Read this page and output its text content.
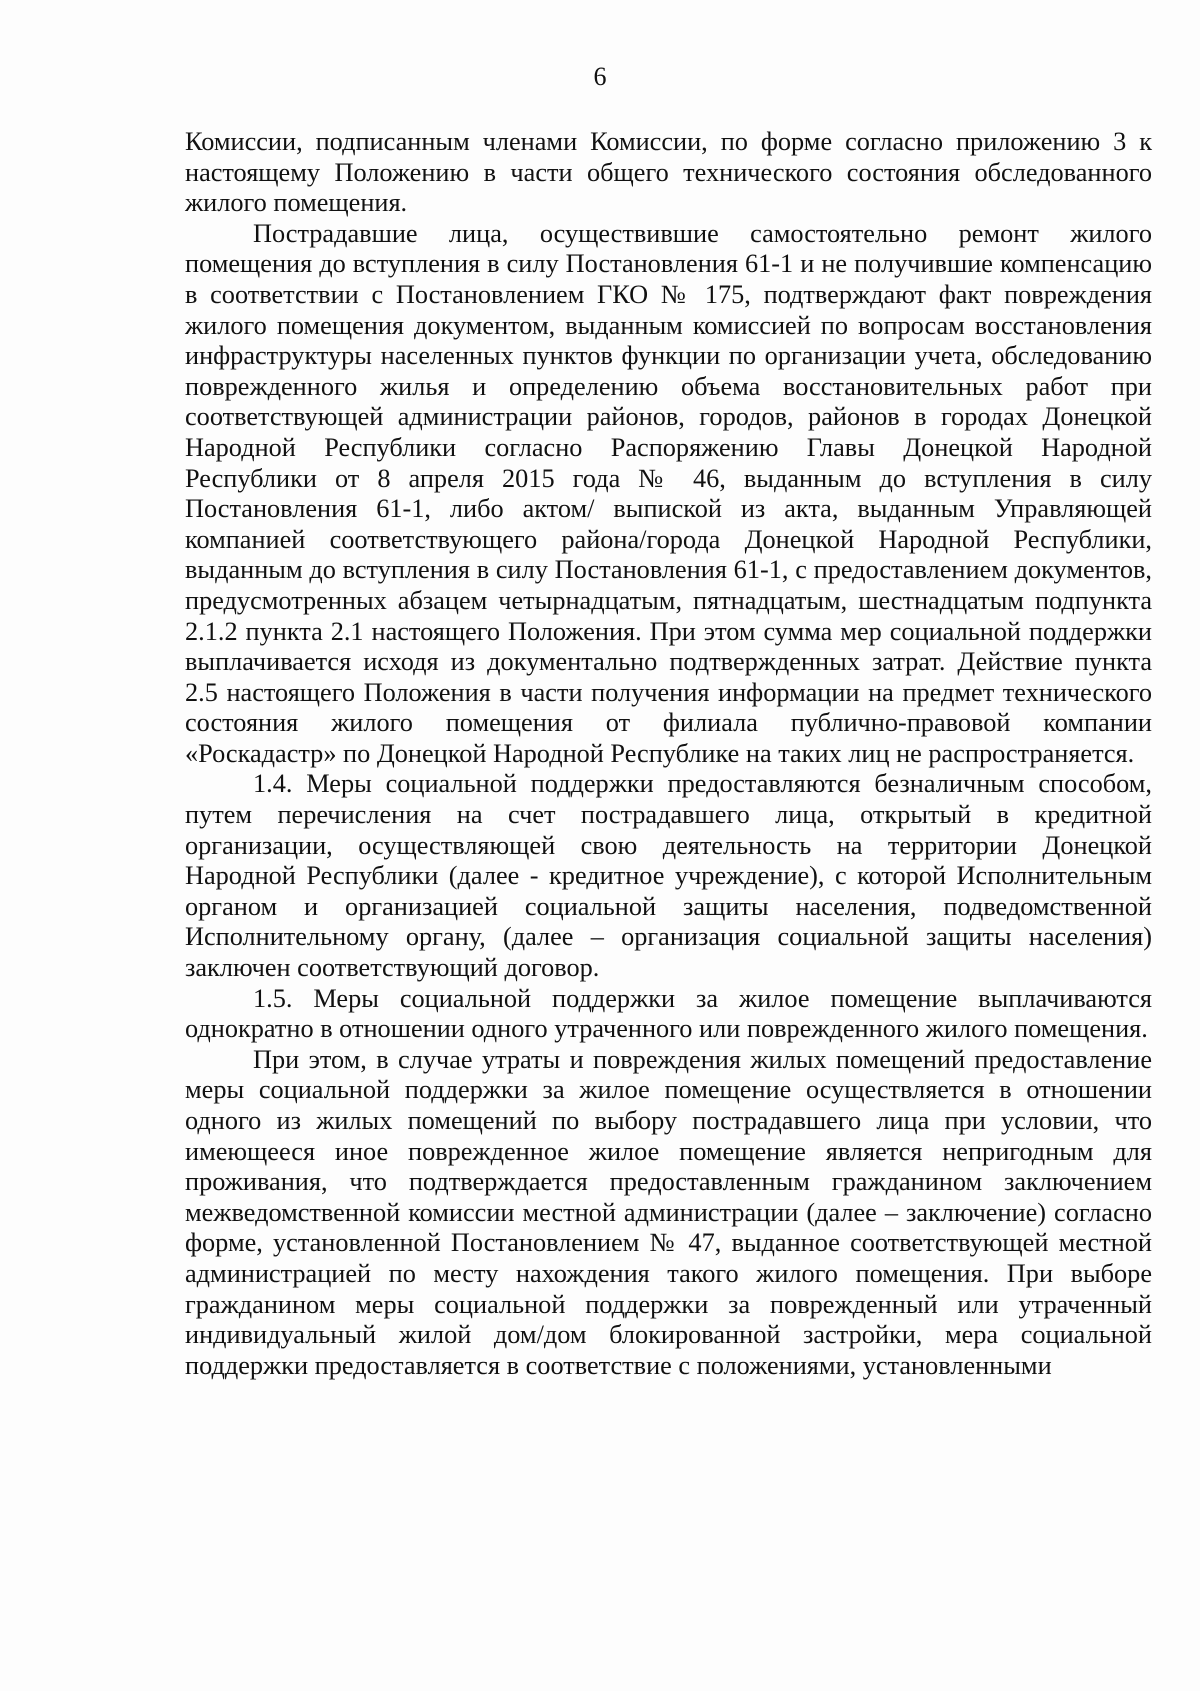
6

Комиссии, подписанным членами Комиссии, по форме согласно приложению 3 к настоящему Положению в части общего технического состояния обследованного жилого помещения.

Пострадавшие лица, осуществившие самостоятельно ремонт жилого помещения до вступления в силу Постановления 61-1 и не получившие компенсацию в соответствии с Постановлением ГКО № 175, подтверждают факт повреждения жилого помещения документом, выданным комиссией по вопросам восстановления инфраструктуры населенных пунктов функции по организации учета, обследованию поврежденного жилья и определению объема восстановительных работ при соответствующей администрации районов, городов, районов в городах Донецкой Народной Республики согласно Распоряжению Главы Донецкой Народной Республики от 8 апреля 2015 года № 46, выданным до вступления в силу Постановления 61-1, либо актом/ выпиской из акта, выданным Управляющей компанией соответствующего района/города Донецкой Народной Республики, выданным до вступления в силу Постановления 61-1, с предоставлением документов, предусмотренных абзацем четырнадцатым, пятнадцатым, шестнадцатым подпункта 2.1.2 пункта 2.1 настоящего Положения. При этом сумма мер социальной поддержки выплачивается исходя из документально подтвержденных затрат. Действие пункта 2.5 настоящего Положения в части получения информации на предмет технического состояния жилого помещения от филиала публично-правовой компании «Роскадастр» по Донецкой Народной Республике на таких лиц не распространяется.

1.4. Меры социальной поддержки предоставляются безналичным способом, путем перечисления на счет пострадавшего лица, открытый в кредитной организации, осуществляющей свою деятельность на территории Донецкой Народной Республики (далее - кредитное учреждение), с которой Исполнительным органом и организацией социальной защиты населения, подведомственной Исполнительному органу, (далее – организация социальной защиты населения) заключен соответствующий договор.

1.5. Меры социальной поддержки за жилое помещение выплачиваются однократно в отношении одного утраченного или поврежденного жилого помещения.

При этом, в случае утраты и повреждения жилых помещений предоставление меры социальной поддержки за жилое помещение осуществляется в отношении одного из жилых помещений по выбору пострадавшего лица при условии, что имеющееся иное поврежденное жилое помещение является непригодным для проживания, что подтверждается предоставленным гражданином заключением межведомственной комиссии местной администрации (далее – заключение) согласно форме, установленной Постановлением № 47, выданное соответствующей местной администрацией по месту нахождения такого жилого помещения. При выборе гражданином меры социальной поддержки за поврежденный или утраченный индивидуальный жилой дом/дом блокированной застройки, мера социальной поддержки предоставляется в соответствие с положениями, установленными
